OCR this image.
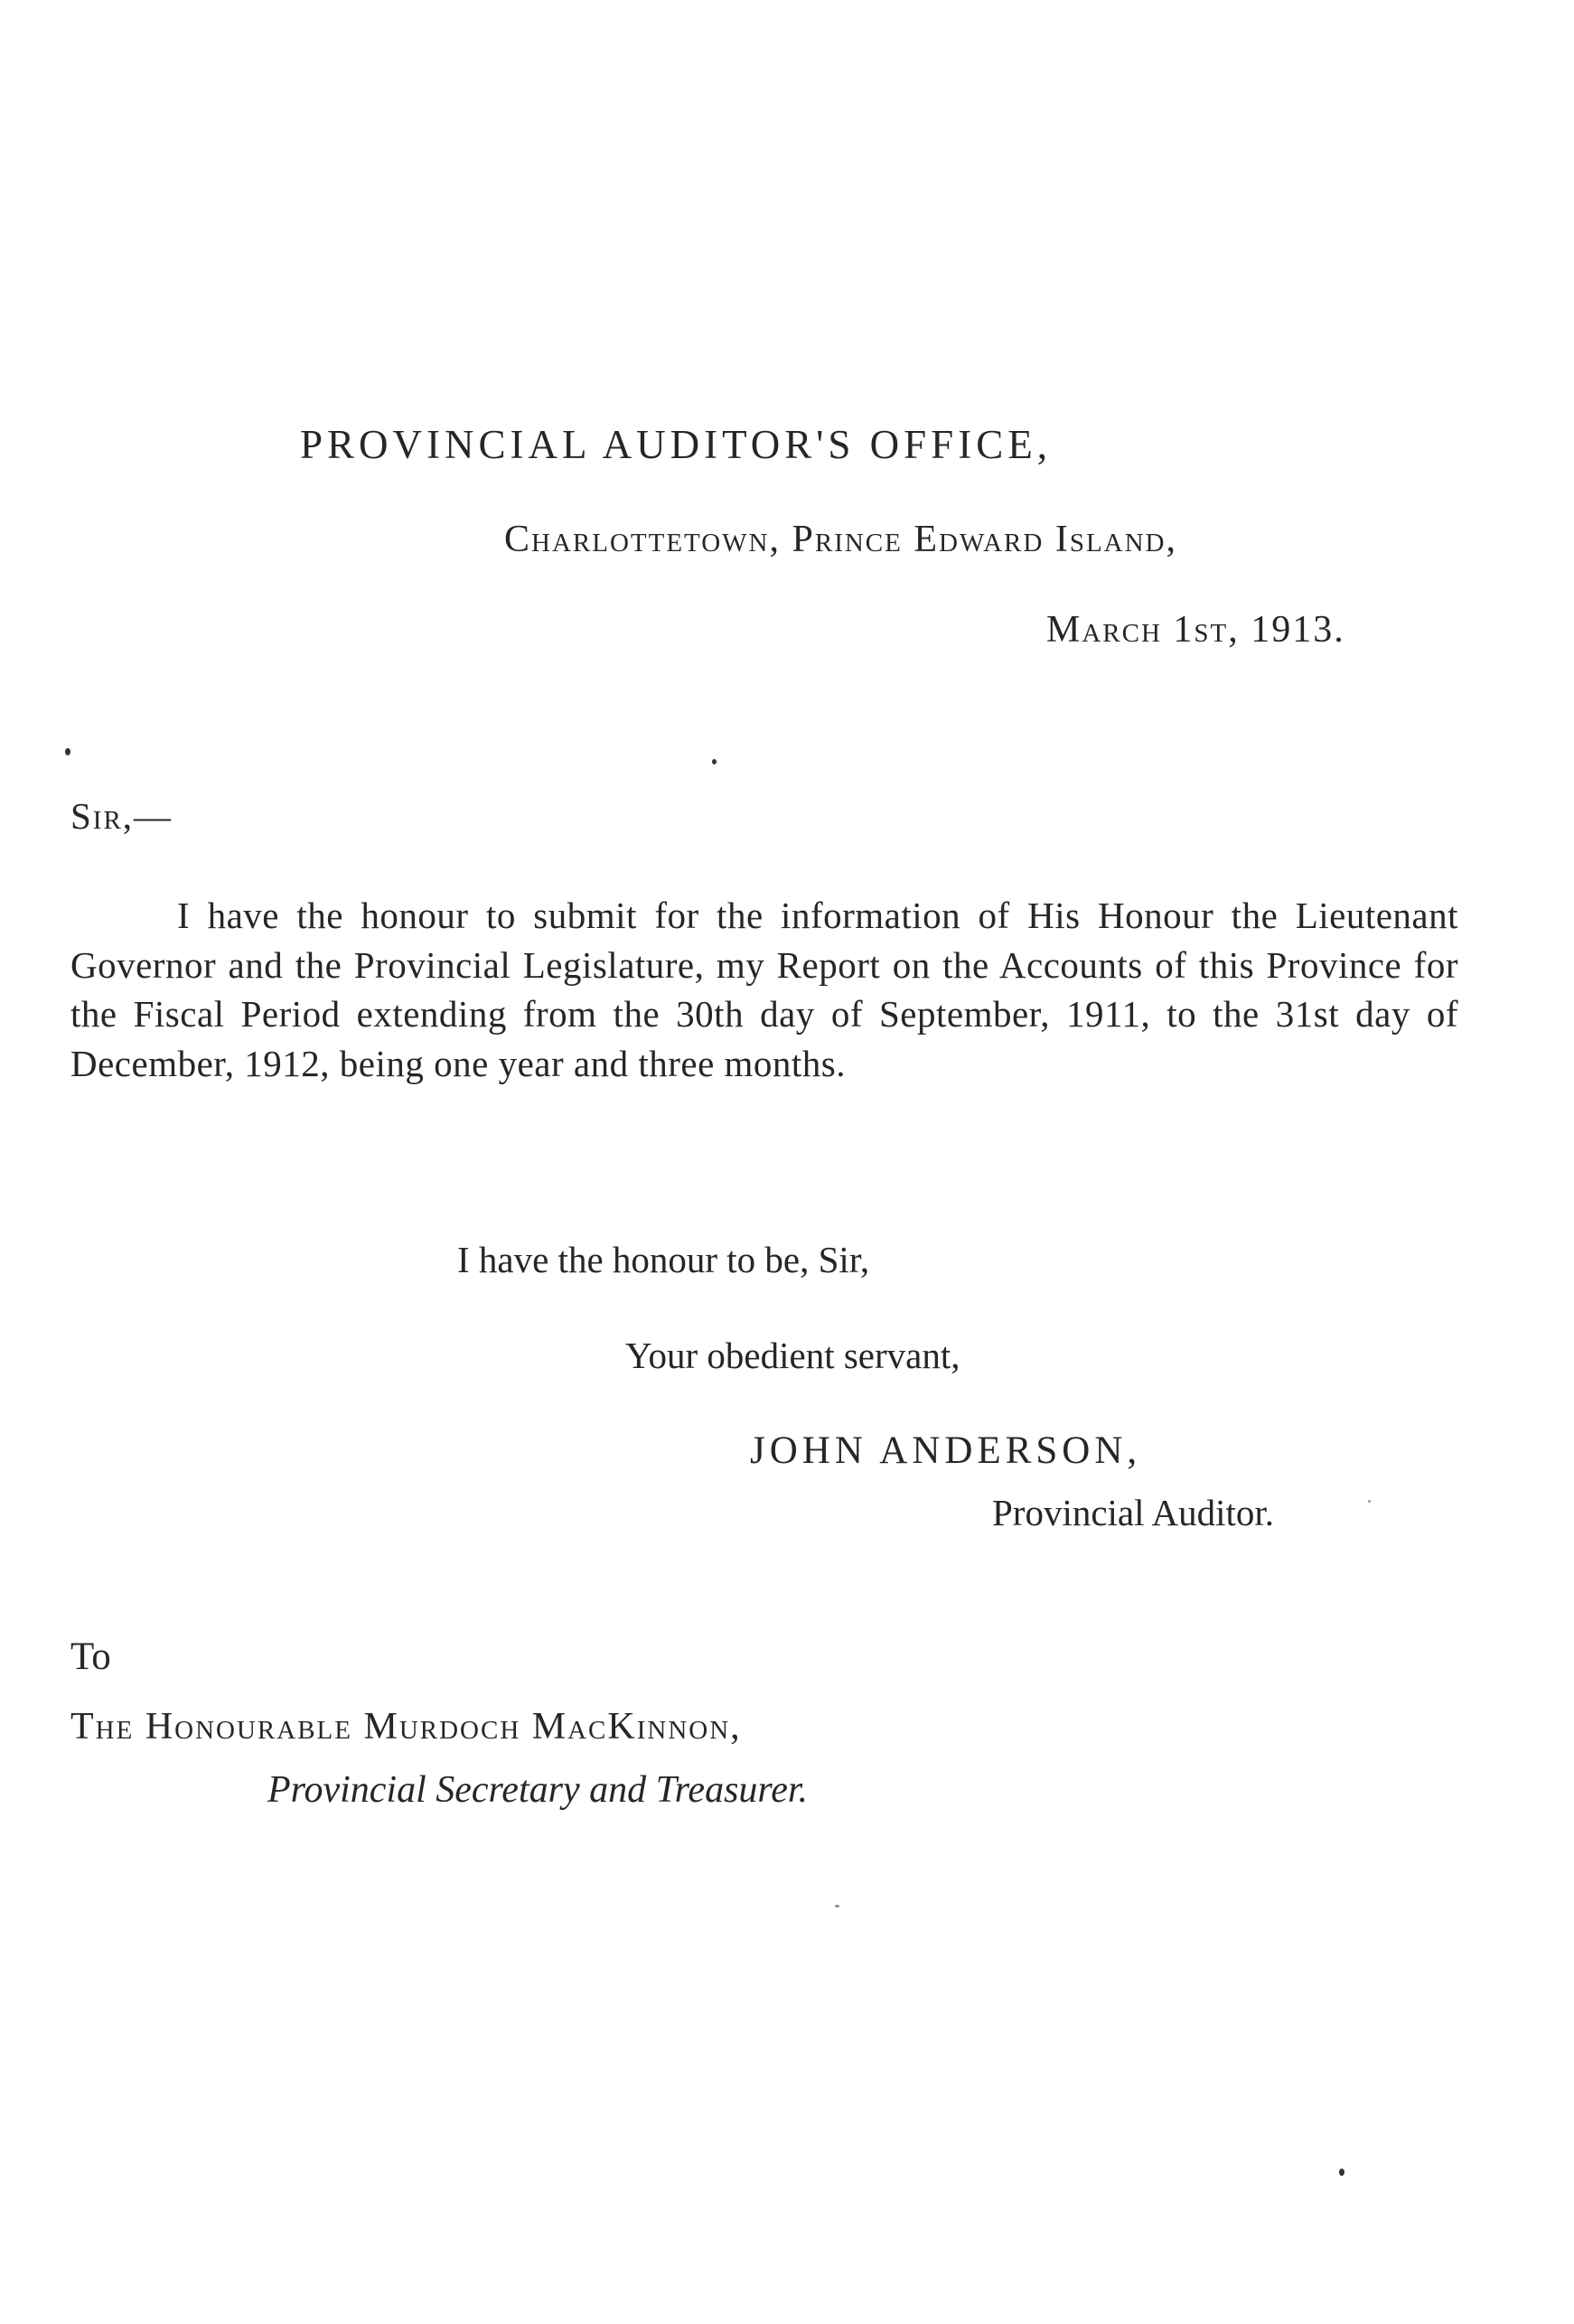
PROVINCIAL AUDITOR'S OFFICE,
Charlottetown, Prince Edward Island,
March 1st, 1913.
Sir,—

I have the honour to submit for the information of His Honour the Lieutenant Governor and the Provincial Legislature, my Report on the Accounts of this Province for the Fiscal Period extending from the 30th day of September, 1911, to the 31st day of December, 1912, being one year and three months.

I have the honour to be, Sir,
Your obedient servant,
JOHN ANDERSON,
Provincial Auditor.
To
The Honourable Murdoch MacKinnon,
Provincial Secretary and Treasurer.
